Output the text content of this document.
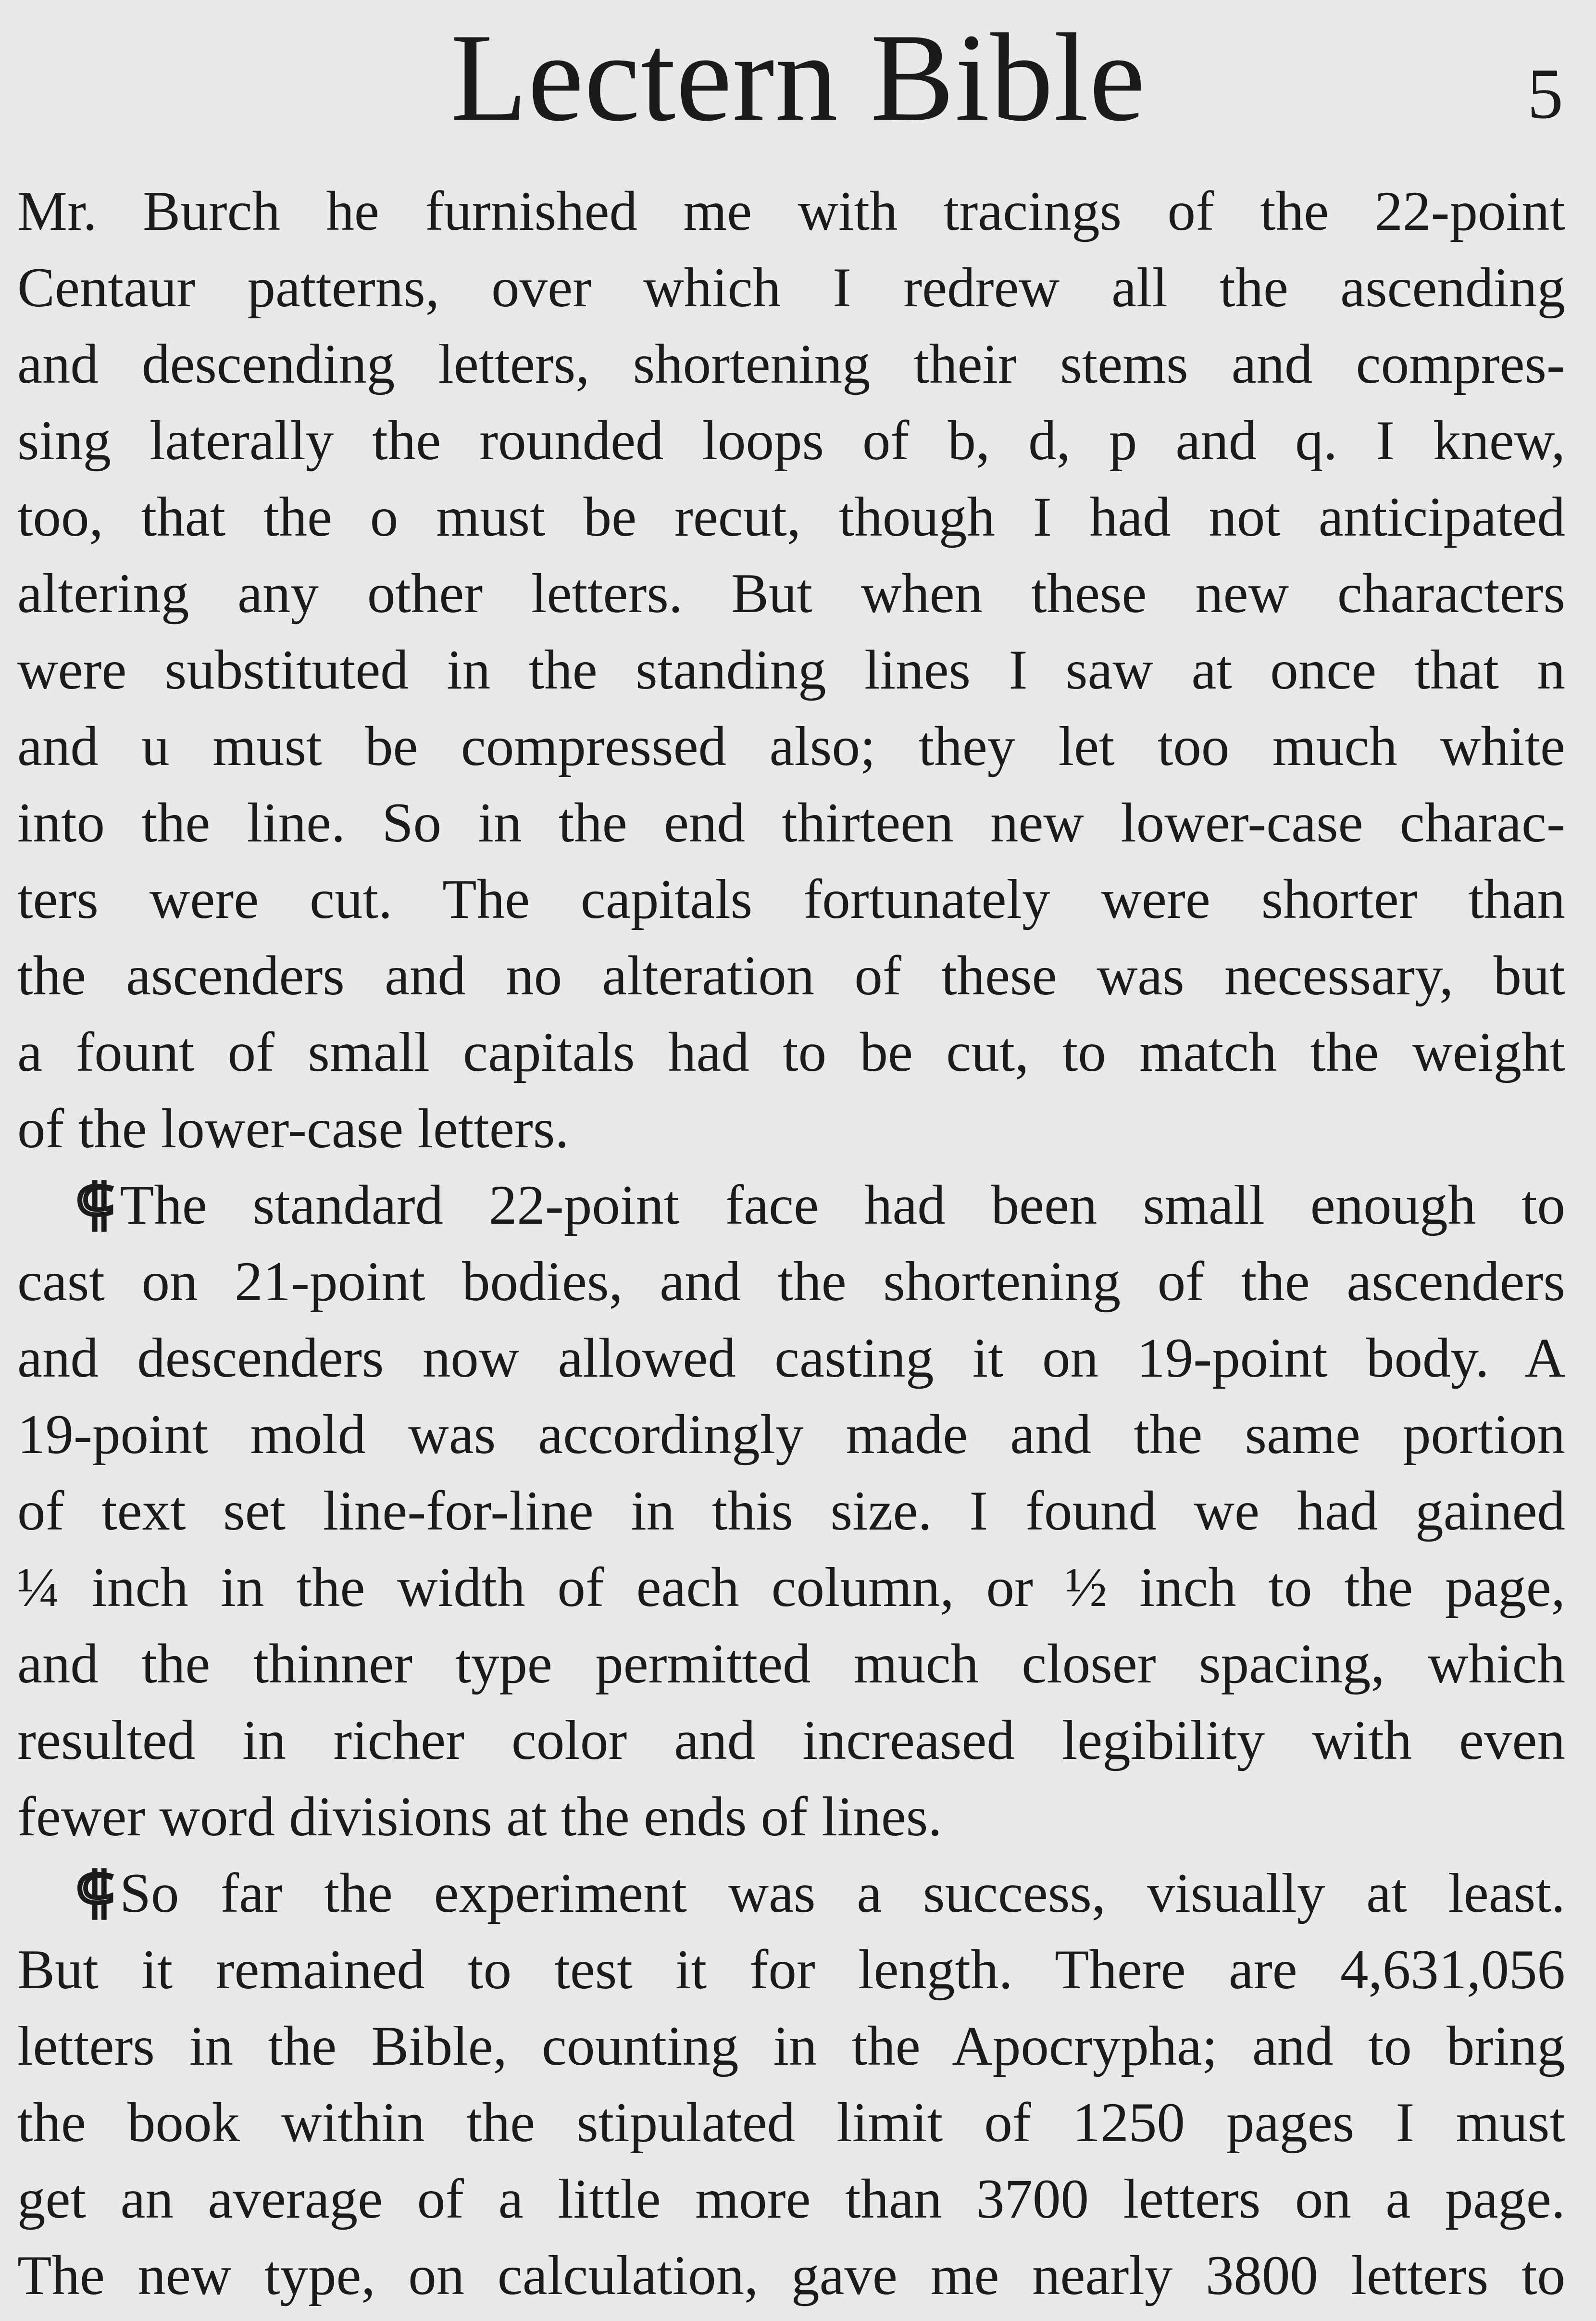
Lectern Bible	5
Mr. Burch he furnished me with tracings of the 22-point
Centaur patterns, over which I redrew all the ascending
and descending letters, shortening their stems and compres-
sing laterally the rounded loops of b, d, p and q. I knew,
too, that the o must be recut, though I had not anticipated
altering any other letters. But when these new characters
were substituted in the standing lines I saw at once that n
and u must be compressed also; they let too much white
into the line. So in the end thirteen new lower-case charac-
ters were cut. The capitals fortunately were shorter than
the ascenders and no alteration of these was necessary, but
a fount of small capitals had to be cut, to match the weight
of the lower-case letters.
⸿The standard 22-point face had been small enough to
cast on 21-point bodies, and the shortening of the ascenders
and descenders now allowed casting it on 19-point body. A
19-point mold was accordingly made and the same portion
of text set line-for-line in this size. I found we had gained
¼ inch in the width of each column, or ½ inch to the page,
and the thinner type permitted much closer spacing, which
resulted in richer color and increased legibility with even
fewer word divisions at the ends of lines.
⸿So far the experiment was a success, visually at least.
But it remained to test it for length. There are 4,631,056
letters in the Bible, counting in the Apocrypha; and to bring
the book within the stipulated limit of 1250 pages I must
get an average of a little more than 3700 letters on a page.
The new type, on calculation, gave me nearly 3800 letters to
